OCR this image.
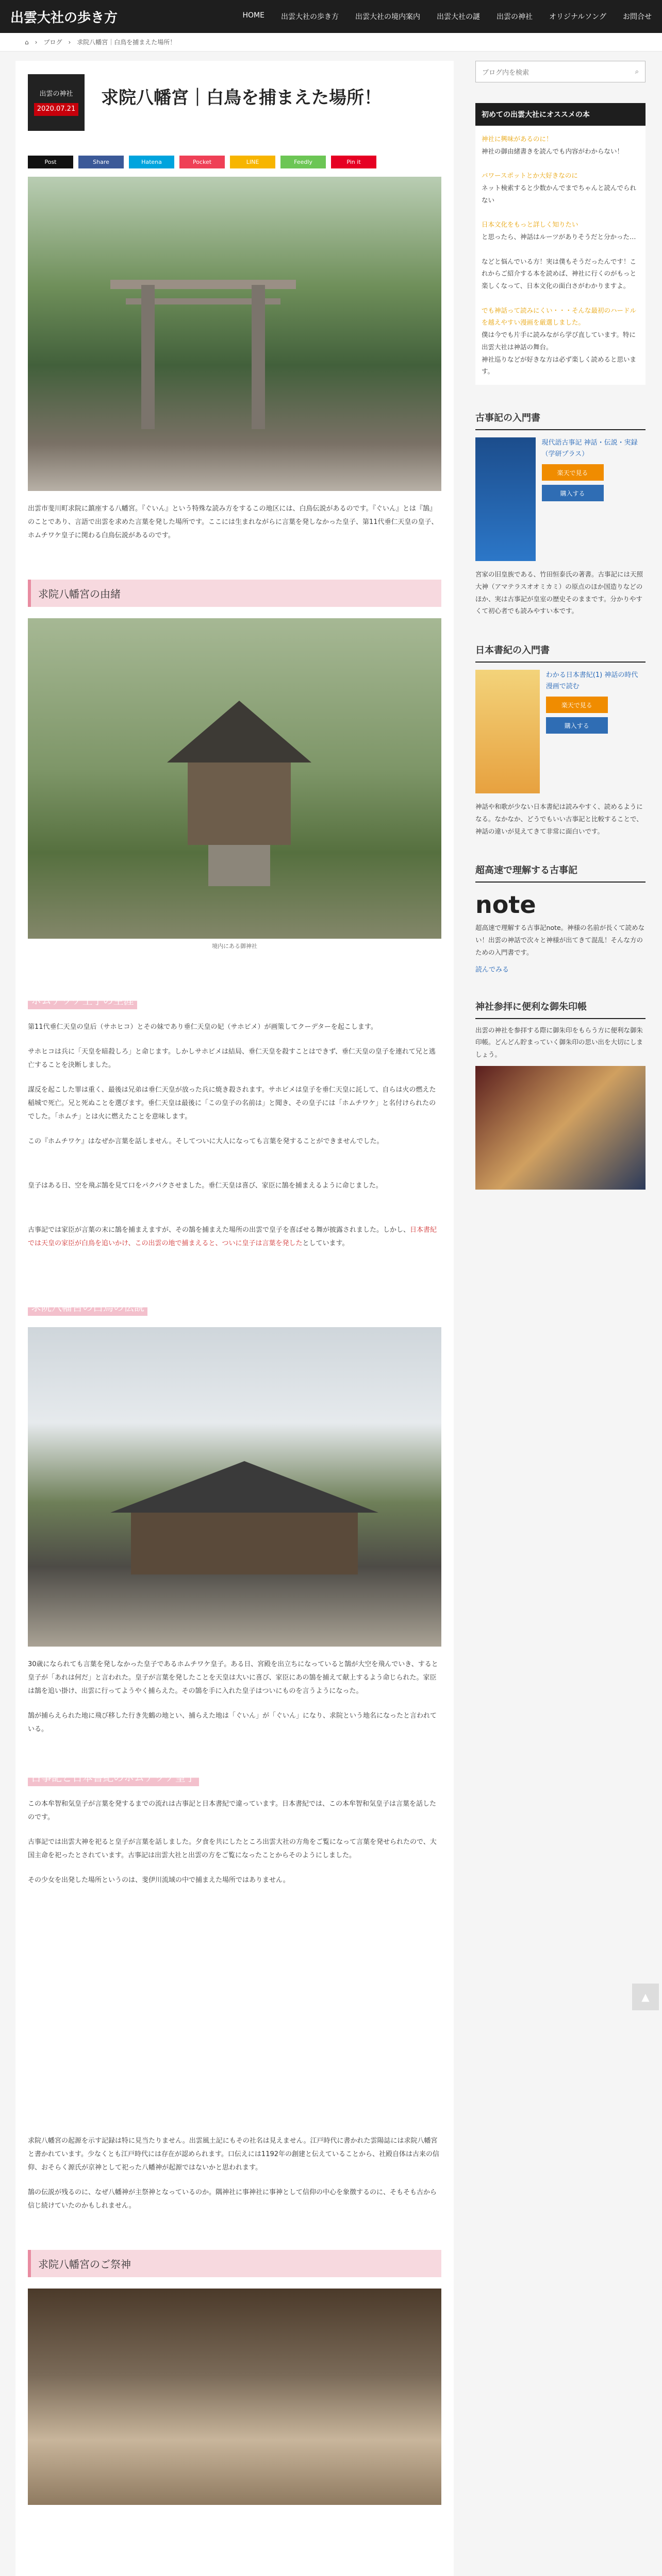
出雲大社の歩き方	HOME 出雲大社の歩き方 出雲大社の境内案内 出雲大社の謎 出雲の神社 オリジナルソング お問合せ
⌂ › ブログ › 求院八幡宮｜白鳥を捕まえた場所！
出雲の神社
2020.07.21
求院八幡宮｜白鳥を捕まえた場所！
Post	Share	Hatena	Pocket	LINE	Feedly	Pin it

出雲市斐川町求院に鎮座する八幡宮。『ぐいん』という特殊な読み方をするこの地区には、白鳥伝説があるのです。『ぐいん』とは『鵠』のことであり、言語で出雲を求めた言葉を発した場所です。ここには生まれながらに言葉を発しなかった皇子、第11代垂仁天皇の皇子、ホムチワケ皇子に関わる白鳥伝説があるのです。

求院八幡宮の由緒
境内にある御神社
ホムチワケ王子の生涯

第11代垂仁天皇の皇后（サホヒコ）とその妹であり垂仁天皇の妃（サホビメ）が画策してクーデターを起こします。

サホヒコは兵に「天皇を暗殺しろ」と命じます。しかしサホビメは結局、垂仁天皇を殺すことはできず、垂仁天皇の皇子を連れて兄と逃亡することを決断しました。

謀反を起こした罪は重く、最後は兄弟は垂仁天皇が放った兵に焼き殺されます。サホビメは皇子を垂仁天皇に託して、自らは火の燃えた稲城で死亡。兄と死ぬことを選びます。垂仁天皇は最後に「この皇子の名前は」と聞き、その皇子には「ホムチワケ」と名付けられたのでした。「ホムチ」とは火に燃えたことを意味します。

この『ホムチワケ』はなぜか言葉を話しません。そしてついに大人になっても言葉を発することができませんでした。

皇子はある日、空を飛ぶ鵠を見て口をパクパクさせました。垂仁天皇は喜び、家臣に鵠を捕まえるように命じました。

古事記では家臣が言葉の末に鵠を捕まえますが、その鵠を捕まえた場所の出雲で皇子を喜ばせる舞が披露されました。しかし、日本書紀では天皇の家臣が白鳥を追いかけ、この出雲の地で捕まえると、ついに皇子は言葉を発したとしています。

求院八幡宮の白鳥の伝説

30歳になられても言葉を発しなかった皇子であるホムチワケ皇子。ある日、宮殿を出立ちになっていると鵠が大空を飛んでいき、すると皇子が「あれは何だ」と言われた。皇子が言葉を発したことを天皇は大いに喜び、家臣にあの鵠を捕えて献上するよう命じられた。家臣は鵠を追い掛け、出雲に行ってようやく捕らえた。その鵠を手に入れた皇子はついにものを言うようになった。

鵠が捕らえられた地に飛び移した行き先鶴の地とい、捕らえた地は「ぐいん」が「ぐいん」になり、求院という地名になったと言われている。

古事記と日本書紀のホムチワケ皇子

この本牟智和気皇子が言葉を発するまでの流れは古事記と日本書紀で違っています。日本書紀では、この本牟智和気皇子は言葉を話したのです。

古事記では出雲大神を祀ると皇子が言葉を話しました。夕食を共にしたところ出雲大社の方角をご覧になって言葉を発せられたので、大国主命を祀ったとされています。古事記は出雲大社と出雲の方をご覧になったことからそのようにしました。

その少女を出発した場所というのは、斐伊川流域の中で捕まえた場所ではありません。

求院八幡宮の起源を示す記録は特に見当たりません。出雲風土記にもその社名は見えません。江戸時代に書かれた雲陽誌には求院八幡宮と書かれています。少なくとも江戸時代には存在が認められます。口伝えには1192年の創建と伝えていることから、社殿自体は古来の信仰、おそらく源氏が京神として祀った八幡神が起源ではないかと思われます。

鵠の伝説が残るのに、なぜ八幡神が主祭神となっているのか。隅神社に事神社に事神として信仰の中心を象徴するのに、そもそも古から信じ続けていたのかもしれません。

求院八幡宮のご祭神
ブログ内を検索	⌕
初めての出雲大社にオススメの本

神社に興味があるのに！

神社の御由緒書きを読んでも内容がわからない！

パワースポットとか大好きなのに

ネット検索すると少数かんでまでちゃんと読んでられない

日本文化をもっと詳しく知りたい

と思ったら、神話はルーツがありそうだと分かった…

などと悩んでいる方！実は僕もそうだったんです！これからご紹介する本を読めば、神社に行くのがもっと楽しくなって、日本文化の面白さがわかりますよ。

でも神話って読みにくい・・・そんな最初のハードルを越えやすい漫画を厳選しました。

僕は今でも片手に読みながら学び直しています。特に出雲大社は神話の舞台。

神社巡りなどが好きな方は必ず楽しく読めると思います。

古事記の入門書
現代語古事記 神話・伝説・実録（学研プラス）
楽天で見る
購入する
宮家の旧皇族である、竹田恒泰氏の著書。古事記には天照大神（アマテラスオオミカミ）の原点のほか国造りなどのほか、実は古事記が皇室の歴史そのままです。分かりやすくて初心者でも読みやすい本です。
日本書紀の入門書
わかる日本書紀(1) 神話の時代 漫画で読む
楽天で見る
購入する
神話や和歌が少ない日本書紀は読みやすく、読めるようになる。なかなか、どうでもいい古事記と比較することで、神話の違いが見えてきて非常に面白いです。
超高速で理解する古事記
note
超高速で理解する古事記note。神様の名前が長くて読めない！出雲の神話で次々と神様が出てきて混乱！そんな方のための入門書です。
読んでみる
神社参拝に便利な御朱印帳
出雲の神社を参拝する際に御朱印をもらう方に便利な御朱印帳。どんどん貯まっていく御朱印の思い出を大切にしましょう。
▲
